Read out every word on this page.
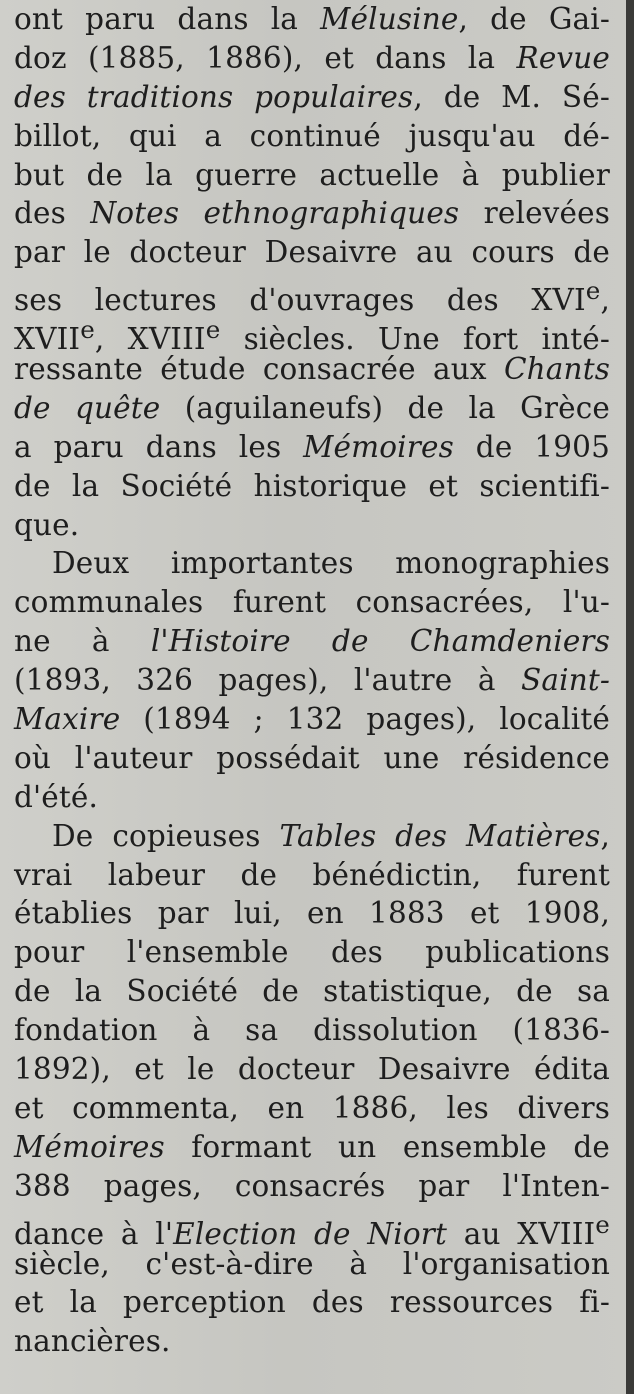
ont paru dans la Mélusine, de Gai-
doz (1885, 1886), et dans la Revue
des traditions populaires, de M. Sé-
billot, qui a continué jusqu'au dé-
but de la guerre actuelle à publier
des Notes ethnographiques relevées
par le docteur Desaivre au cours de
ses lectures d'ouvrages des XVIe,
XVIIe, XVIIIe siècles. Une fort inté-
ressante étude consacrée aux Chants
de quête (aguilaneufs) de la Grèce
a paru dans les Mémoires de 1905
de la Société historique et scientifi-
que.
Deux importantes monographies
communales furent consacrées, l'u-
ne à l'Histoire de Chamdeniers
(1893, 326 pages), l'autre à Saint-
Maxire (1894 ; 132 pages), localité
où l'auteur possédait une résidence
d'été.
De copieuses Tables des Matières,
vrai labeur de bénédictin, furent
établies par lui, en 1883 et 1908,
pour l'ensemble des publications
de la Société de statistique, de sa
fondation à sa dissolution (1836-
1892), et le docteur Desaivre édita
et commenta, en 1886, les divers
Mémoires formant un ensemble de
388 pages, consacrés par l'Inten-
dance à l'Election de Niort au XVIIIe
siècle, c'est-à-dire à l'organisation
et la perception des ressources fi-
nancières.
